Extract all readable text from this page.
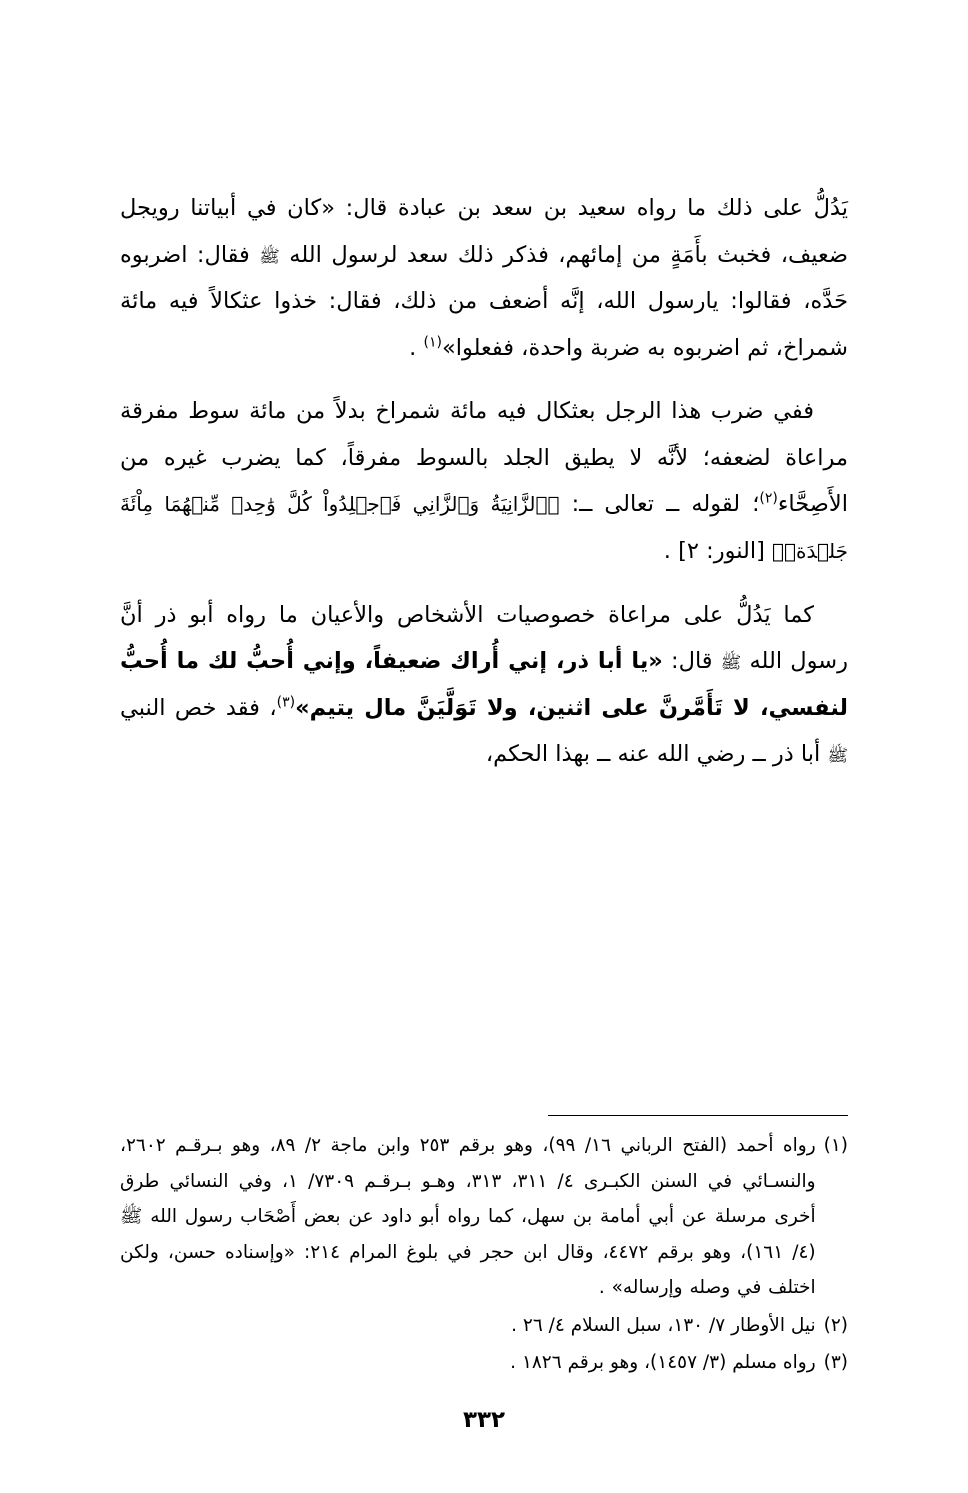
يَدُلُّ على ذلك ما رواه سعيد بن سعد بن عبادة قال: «كان في أبياتنا رويجل ضعيف، فخبث بأَمَةٍ من إمائهم، فذكر ذلك سعد لرسول الله ﷺ فقال: اضربوه حَدَّه، فقالوا: يارسول الله، إنَّه أضعف من ذلك، فقال: خذوا عثكالاً فيه مائة شمراخ، ثم اضربوه به ضربة واحدة، ففعلوا»$^{(١)}$ .

ففي ضرب هذا الرجل بعثكال فيه مائة شمراخ بدلاً من مائة سوط مفرقة مراعاة لضعفه؛ لأنَّه لا يطيق الجلد بالسوط مفرقاً، كما يضرب غيره من الأَصِحَّاء$^{(٢)}$؛ لقوله ــ تعالى ــ: ﴿ٱلزَّانِيَةُ وَٱلزَّانِي فَٱجۡلِدُواْ كُلَّ وَٰحِدٖ مِّنۡهُمَا مِاْئَةَ جَلۡدَةٖ﴾ [النور: ٢] .

كما يَدُلُّ على مراعاة خصوصيات الأشخاص والأعيان ما رواه أبو ذر أنَّ رسول الله ﷺ قال: «يا أبا ذر، إني أُراك ضعيفاً، وإني أُحبُّ لك ما أُحبُّ لنفسي، لا تَأَمَّرنَّ على اثنين، ولا تَوَلَّيَنَّ مال يتيم»$^{(٣)}$، فقد خص النبي ﷺ أبا ذر ــ رضي الله عنه ــ بهذا الحكم،

(١)
رواه أحمد (الفتح الرباني ١٦/ ٩٩)، وهو برقم ٢٥٣ وابن ماجة ٢/ ٨٩، وهو بـرقـم ٢٦٠٢، والنسـائي في السنن الكبـرى ٤/ ٣١١، ٣١٣، وهـو بـرقـم ٧٣٠٩/ ١، وفي النسائي طرق أخرى مرسلة عن أبي أمامة بن سهل، كما رواه أبو داود عن بعض أَصْحَاب رسول الله ﷺ (٤/ ١٦١)، وهو برقم ٤٤٧٢، وقال ابن حجر في بلوغ المرام ٢١٤: «وإسناده حسن، ولكن اختلف في وصله وإرساله» .
(٢)
نيل الأوطار ٧/ ١٣٠، سبل السلام ٤/ ٢٦ .
(٣)
رواه مسلم (٣/ ١٤٥٧)، وهو برقم ١٨٢٦ .
٣٣٢
